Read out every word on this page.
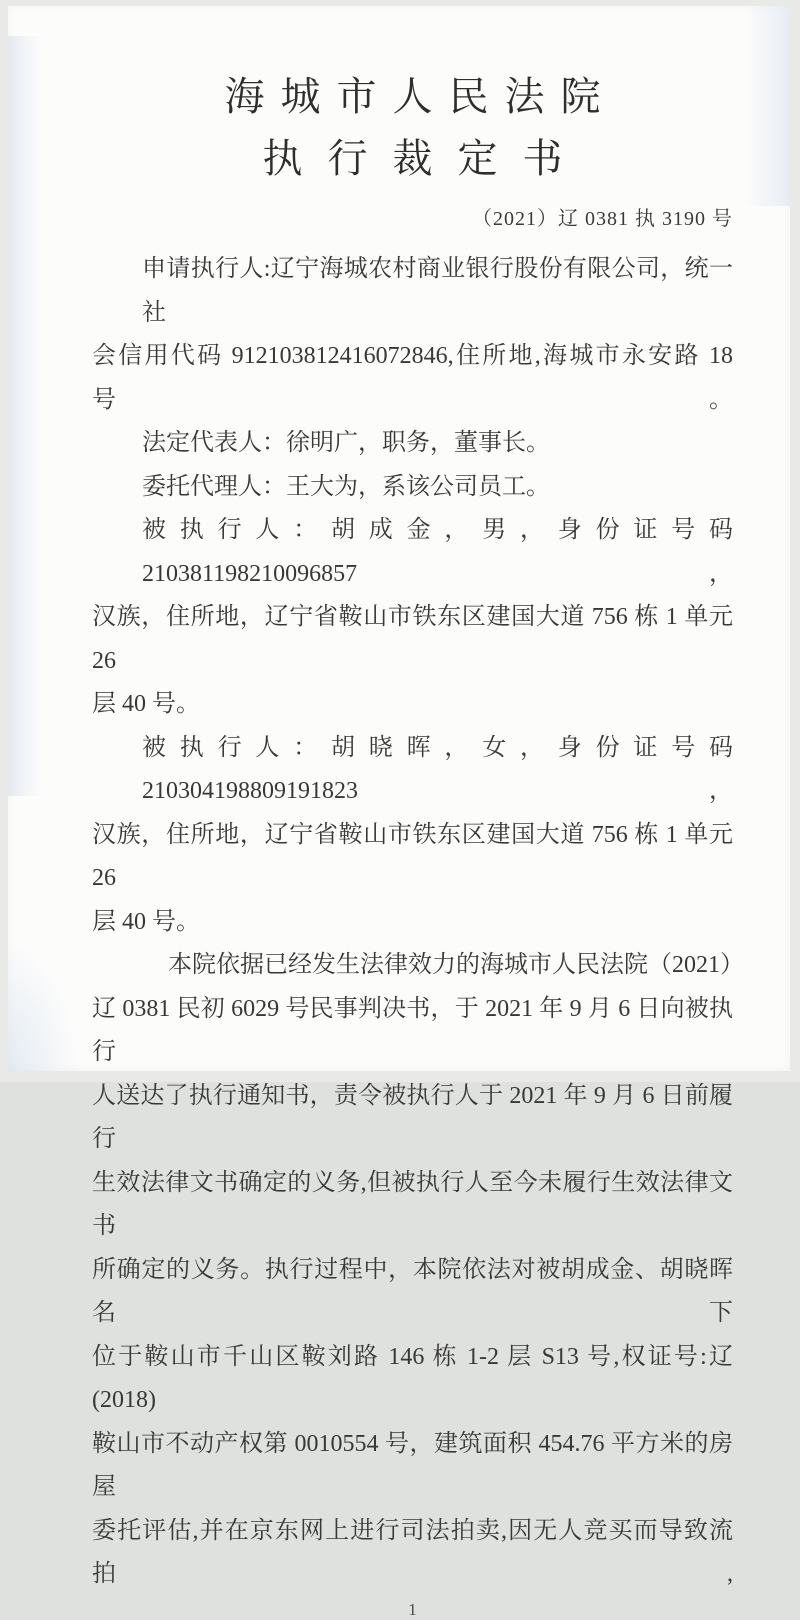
海城市人民法院
执行裁定书
（2021）辽 0381 执 3190 号
申请执行人:辽宁海城农村商业银行股份有限公司，统一社
会信用代码 912103812416072846,住所地,海城市永安路 18 号。
法定代表人：徐明广，职务，董事长。
委托代理人：王大为，系该公司员工。
被执行人：胡成金，男，身份证号码 210381198210096857，
汉族，住所地，辽宁省鞍山市铁东区建国大道 756 栋 1 单元 26
层 40 号。
被执行人：胡晓晖，女，身份证号码 210304198809191823，
汉族，住所地，辽宁省鞍山市铁东区建国大道 756 栋 1 单元 26
层 40 号。
本院依据已经发生法律效力的海城市人民法院（2021）
辽 0381 民初 6029 号民事判决书，于 2021 年 9 月 6 日向被执行
人送达了执行通知书，责令被执行人于 2021 年 9 月 6 日前履行
生效法律文书确定的义务,但被执行人至今未履行生效法律文书
所确定的义务。执行过程中，本院依法对被胡成金、胡晓晖名下
位于鞍山市千山区鞍刘路 146 栋 1-2 层 S13 号,权证号:辽(2018)
鞍山市不动产权第 0010554 号，建筑面积 454.76 平方米的房屋
委托评估,并在京东网上进行司法拍卖,因无人竞买而导致流拍,
1
